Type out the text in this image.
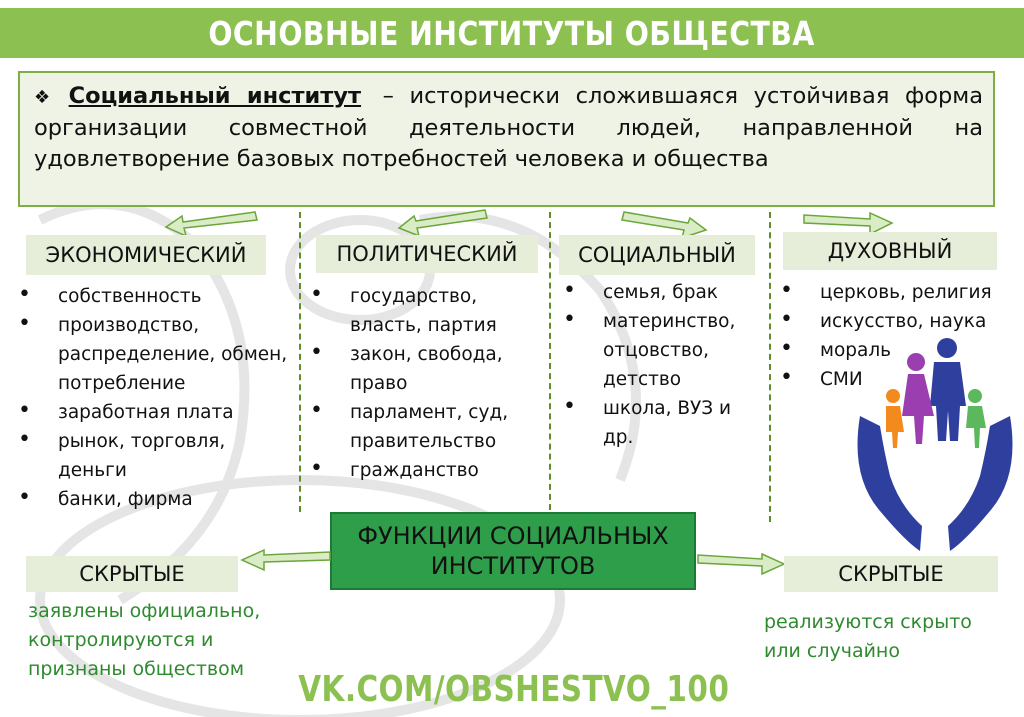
ОСНОВНЫЕ ИНСТИТУТЫ ОБЩЕСТВА

❖ Социальный институт – исторически сложившаяся устойчивая форма организации совместной деятельности людей, направленной на удовлетворение базовых потребностей человека и общества

ЭКОНОМИЧЕСКИЙ	ПОЛИТИЧЕСКИЙ	СОЦИАЛЬНЫЙ	ДУХОВНЫЙ
• собственность
• производство, распределение, обмен, потребление
• заработная плата
• рынок, торговля, деньги
• банки, фирма
• государство, власть, партия
• закон, свобода, право
• парламент, суд, правительство
• гражданство
• семья, брак
• материнство, отцовство, детство
• школа, ВУЗ и др.
• церковь, религия
• искусство, наука
• мораль
• СМИ
ФУНКЦИИ СОЦИАЛЬНЫХ ИНСТИТУТОВ
СКРЫТЫЕ	СКРЫТЫЕ
заявлены официально, контролируются и признаны обществом
реализуются скрыто или случайно
VK.COM/OBSHESTVO_100
